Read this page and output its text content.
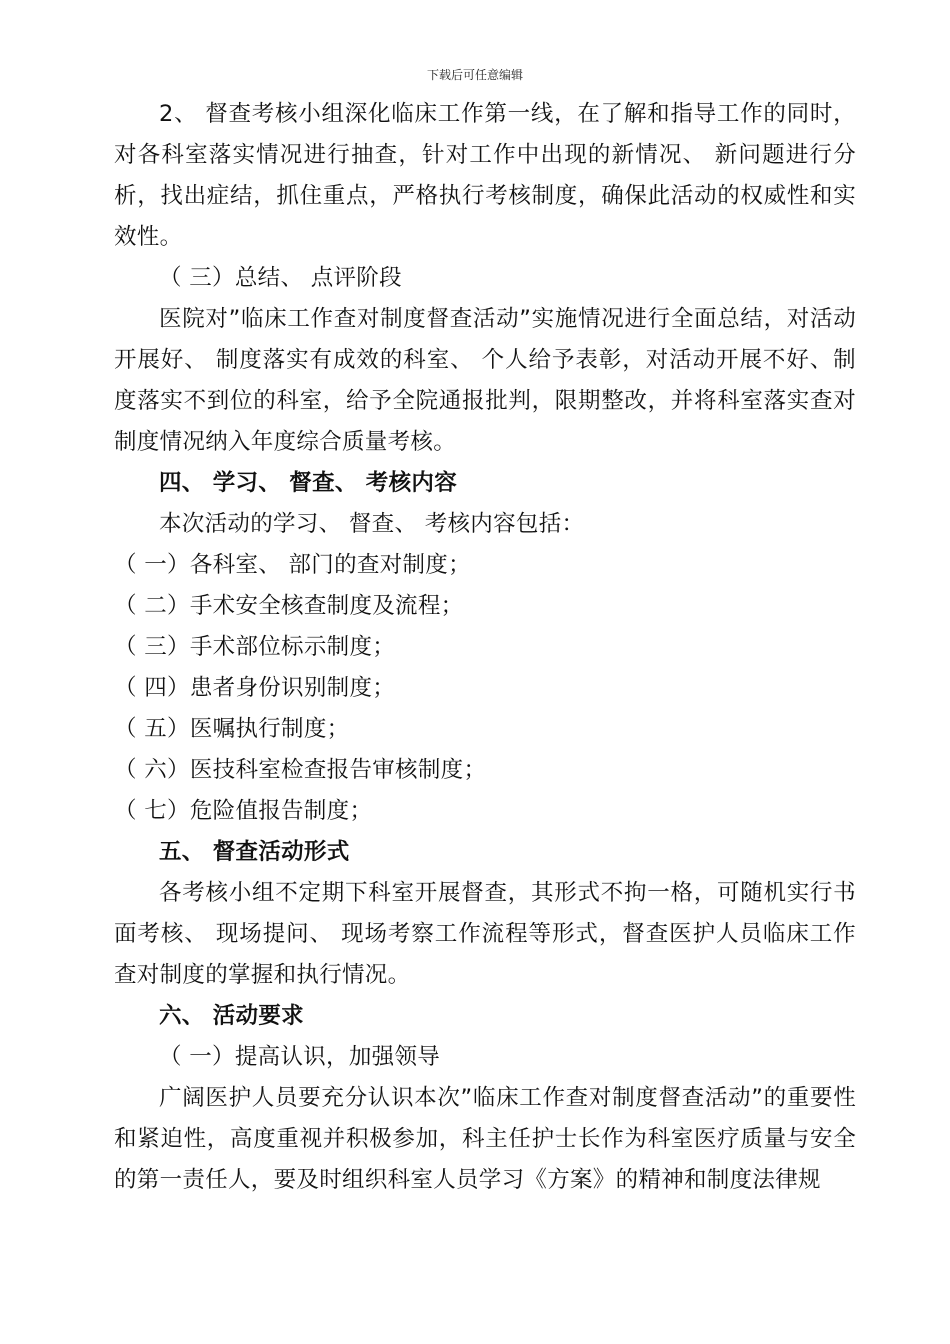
下载后可任意编辑

2、 督查考核小组深化临床工作第一线，在了解和指导工作的同时，对各科室落实情况进行抽查，针对工作中出现的新情况、 新问题进行分析，找出症结，抓住重点，严格执行考核制度，确保此活动的权威性和实效性。

（ 三）总结、 点评阶段

医院对”临床工作查对制度督查活动”实施情况进行全面总结，对活动开展好、 制度落实有成效的科室、 个人给予表彰，对活动开展不好、制度落实不到位的科室，给予全院通报批判，限期整改，并将科室落实查对制度情况纳入年度综合质量考核。

四、 学习、 督查、 考核内容

本次活动的学习、 督查、 考核内容包括：

（ 一）各科室、 部门的查对制度；

（ 二）手术安全核查制度及流程；

（ 三）手术部位标示制度；

（ 四）患者身份识别制度；

（ 五）医嘱执行制度；

（ 六）医技科室检查报告审核制度；

（ 七）危险值报告制度；

五、 督查活动形式

各考核小组不定期下科室开展督查，其形式不拘一格，可随机实行书面考核、 现场提问、 现场考察工作流程等形式，督查医护人员临床工作查对制度的掌握和执行情况。

六、 活动要求

（ 一）提高认识，加强领导

广阔医护人员要充分认识本次”临床工作查对制度督查活动”的重要性和紧迫性，高度重视并积极参加，科主任护士长作为科室医疗质量与安全的第一责任人，要及时组织科室人员学习《方案》的精神和制度法律规
